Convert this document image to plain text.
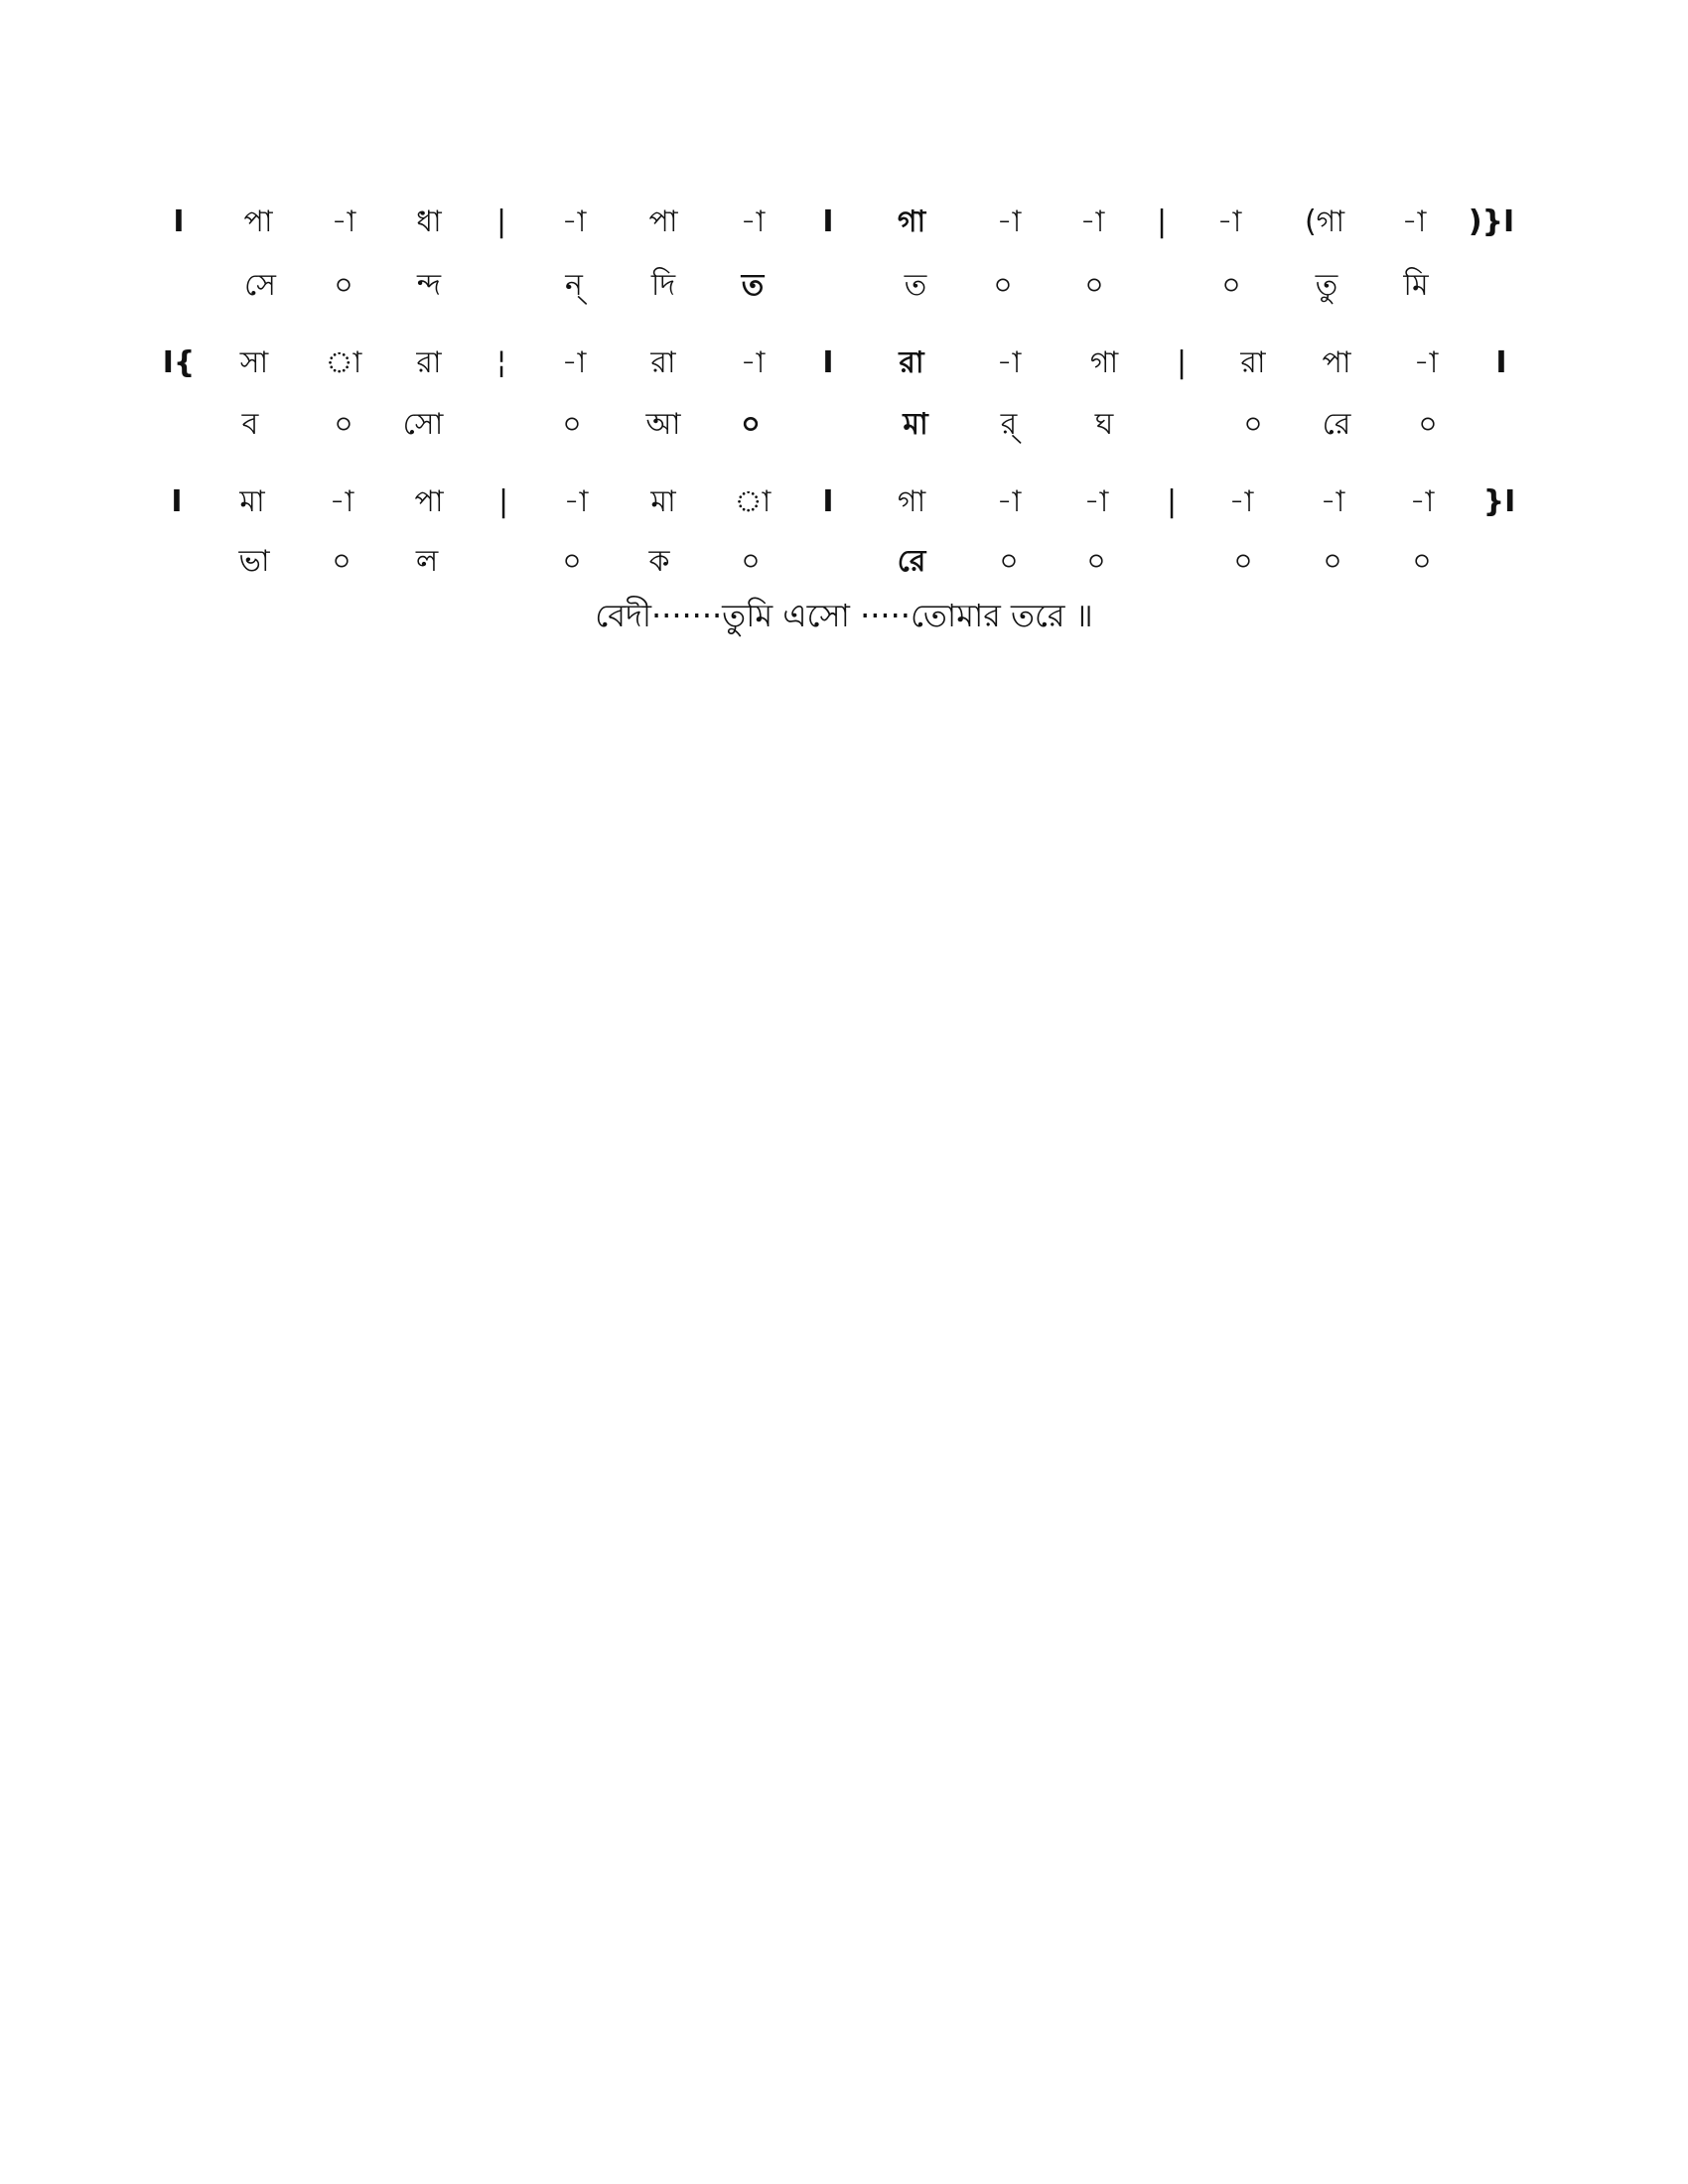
I	পা	-া	ধা	|	-া	পা	-া	I	গা	-া	-া	|	-া	(গা	-া	)}I
সে	০	ন্দ	ন্	দি	ত	ত	০	০	০	তু	মি
I{	সা	া	রা	¦	-া	রা	-া	I	রা	-া	গা	|	রা	পা	-া	I
ব	০	সো	০	আ	০	মা	র্	ঘ	০	রে	০
I	মা	-া	পা	|	-া	মা	া	I	গা	-া	-া	|	-া	-া	-া	}I
ভা	০	ল	০	ক	০	রে	০	০	০	০	০
বেদী·······তুমি এসো ·····তোমার তরে ॥
